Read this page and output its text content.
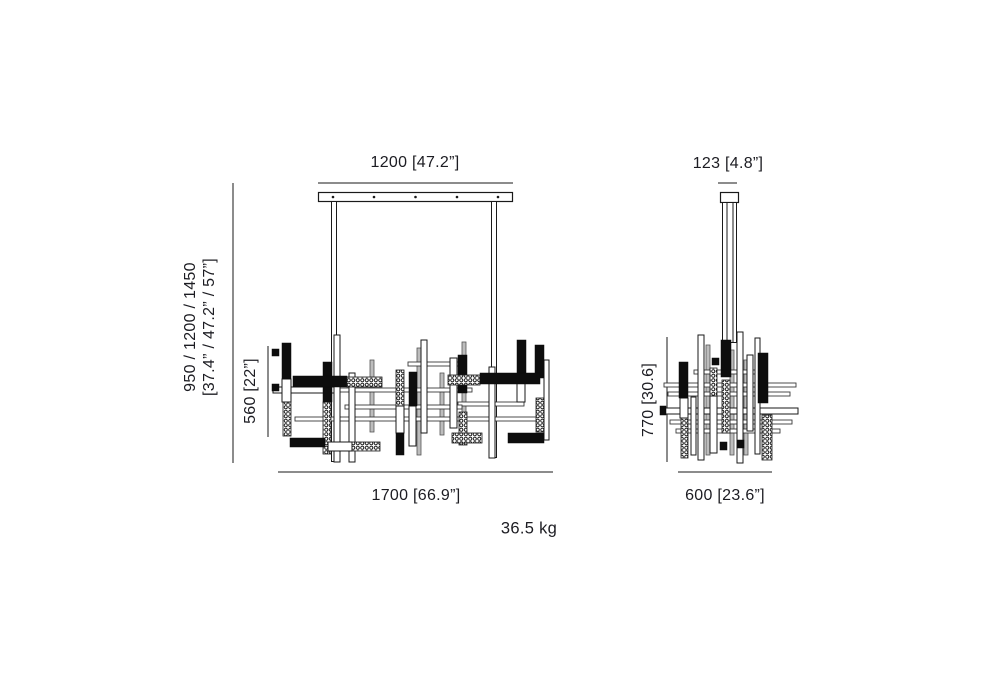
1200 [47.2”]
1700 [66.9”]
950 / 1200 / 1450 [37.4” / 47.2” / 57”] 560 [22”]
123 [4.8”]
600 [23.6”]
770 [30.6]
36.5 kg
